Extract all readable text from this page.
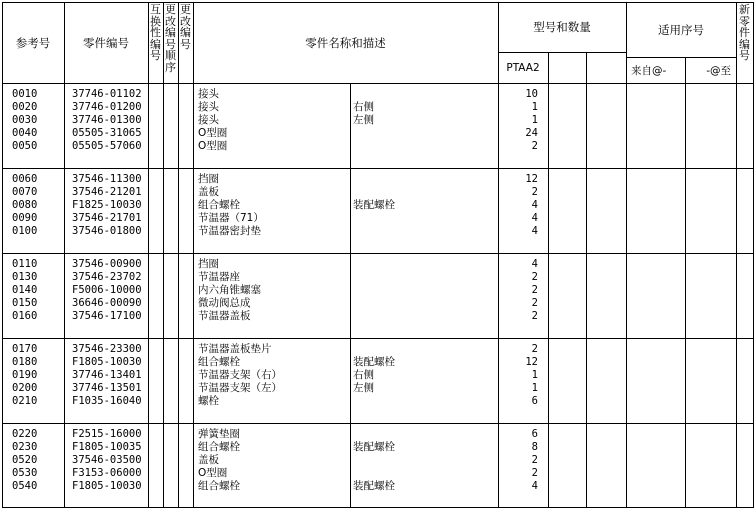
参考号	零件编号
互
换
性
编
号
更
改
编
号
顺
序
更
改
编
号	零件名称和描述
型号和数量
PTAA2
适用序号
来自@-	-@至
新
零
件
编
号
0010	37746-01102	接头	10
0020	37746-01200	接头	右侧	1
0030	37746-01300	接头	左侧	1
0040	05505-31065	O型圈	24
0050	05505-57060	O型圈	2
0060	37546-11300	挡圈	12
0070	37546-21201	盖板	2
0080	F1825-10030	组合螺栓	装配螺栓	4
0090	37546-21701	节温器（71）	4
0100	37546-01800	节温器密封垫	4
0110	37546-00900	挡圈	4
0130	37546-23702	节温器座	2
0140	F5006-10000	内六角锥螺塞	2
0150	36646-00090	微动阀总成	2
0160	37546-17100	节温器盖板	2
0170	37546-23300	节温器盖板垫片	2
0180	F1805-10030	组合螺栓	装配螺栓	12
0190	37746-13401	节温器支架（右）	右侧	1
0200	37746-13501	节温器支架（左）	左侧	1
0210	F1035-16040	螺栓	6
0220	F2515-16000	弹簧垫圈	6
0230	F1805-10035	组合螺栓	装配螺栓	8
0520	37546-03500	盖板	2
0530	F3153-06000	O型圈	2
0540	F1805-10030	组合螺栓	装配螺栓	4
